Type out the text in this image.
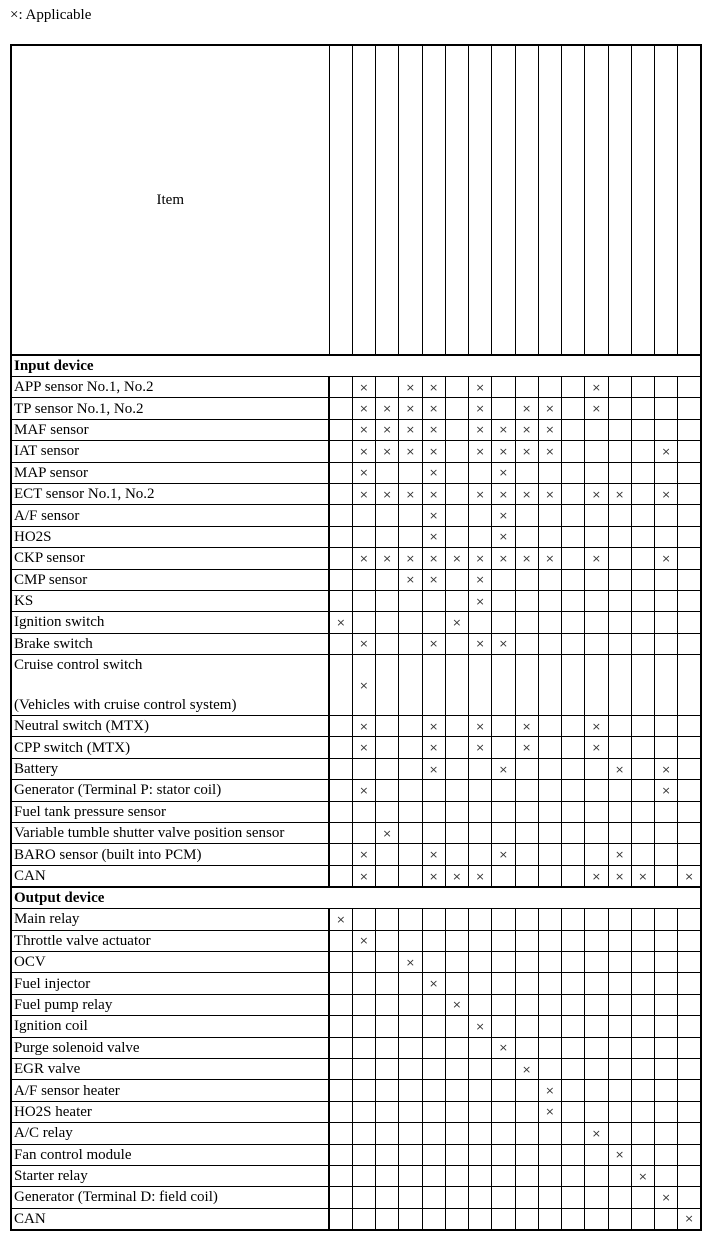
×: Applicable
Item	

Input device																
APP sensor No.1, No.2		×		×	×		×					×				
TP sensor No.1, No.2		×	×	×	×		×		×	×		×				
MAF sensor		×	×	×	×		×	×	×	×						
IAT sensor		×	×	×	×		×	×	×	×					×	
MAP sensor		×			×			×								
ECT sensor No.1, No.2		×	×	×	×		×	×	×	×		×	×		×	
A/F sensor					×			×								
HO2S					×			×								
CKP sensor		×	×	×	×	×	×	×	×	×		×			×	
CMP sensor				×	×		×									
KS							×									
Ignition switch	×					×										
Brake switch		×			×		×	×								
Cruise control switch

(Vehicles with cruise control system)		×														
Neutral switch (MTX)		×			×		×		×			×				
CPP switch (MTX)		×			×		×		×			×				
Battery					×			×					×		×	
Generator (Terminal P: stator coil)		×													×	
Fuel tank pressure sensor																
Variable tumble shutter valve position sensor			×													
BARO sensor (built into PCM)		×			×			×					×			
CAN		×			×	×	×					×	×	×		×
Output device																
Main relay	×															
Throttle valve actuator		×														
OCV				×												
Fuel injector					×											
Fuel pump relay						×										
Ignition coil							×									
Purge solenoid valve								×								
EGR valve									×							
A/F sensor heater										×						
HO2S heater										×						
A/C relay												×				
Fan control module													×			
Starter relay														×		
Generator (Terminal D: field coil)															×	
CAN																×
